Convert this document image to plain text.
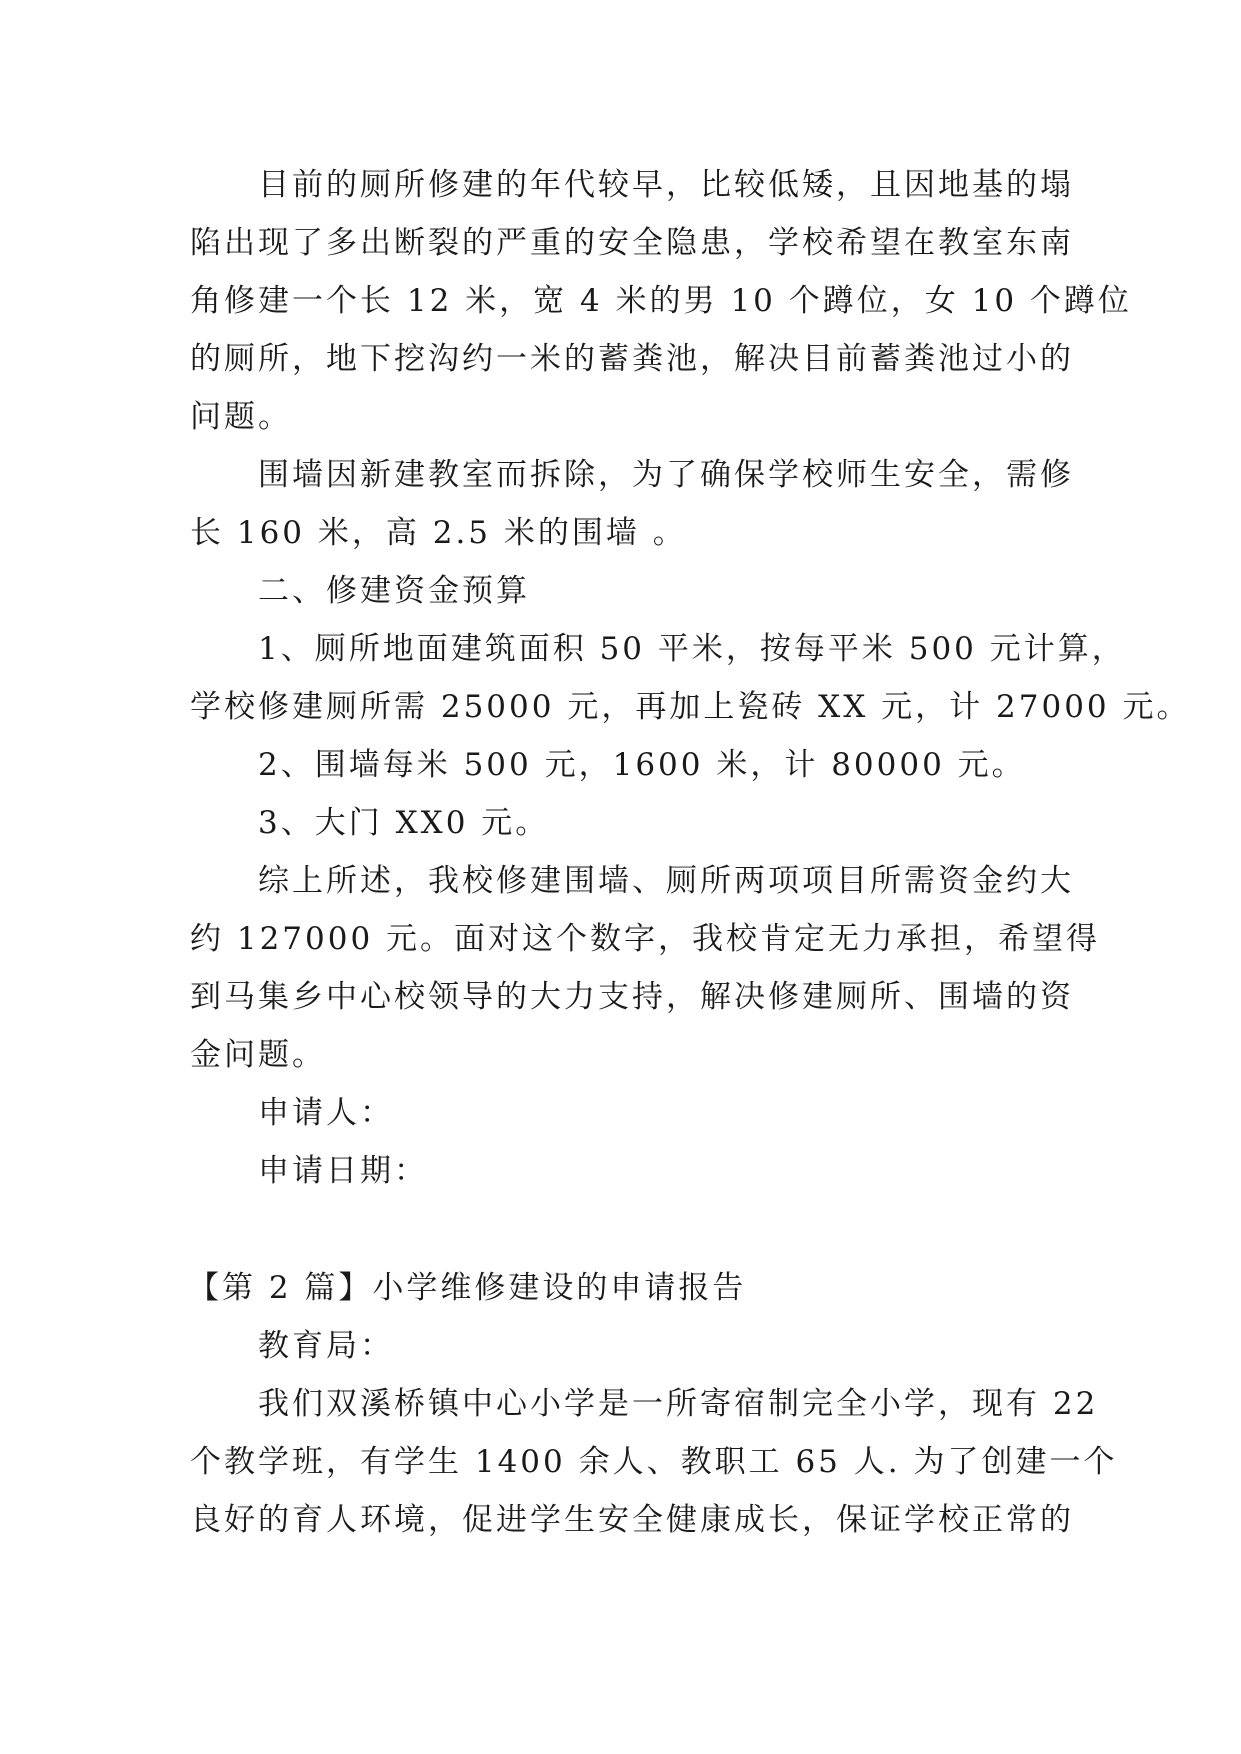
目前的厕所修建的年代较早，比较低矮，且因地基的塌
陷出现了多出断裂的严重的安全隐患，学校希望在教室东南
角修建一个长 12 米，宽 4 米的男 10 个蹲位，女 10 个蹲位
的厕所，地下挖沟约一米的蓄粪池，解决目前蓄粪池过小的
问题。
围墙因新建教室而拆除，为了确保学校师生安全，需修
长 160 米，高 2.5 米的围墙 。
二、修建资金预算
1、厕所地面建筑面积 50 平米，按每平米 500 元计算，
学校修建厕所需 25000 元，再加上瓷砖 XX 元，计 27000 元。
2、围墙每米 500 元，1600 米，计 80000 元。
3、大门 XX0 元。
综上所述，我校修建围墙、厕所两项项目所需资金约大
约 127000 元。面对这个数字，我校肯定无力承担，希望得
到马集乡中心校领导的大力支持，解决修建厕所、围墙的资
金问题。
申请人：
申请日期：
【第 2 篇】小学维修建设的申请报告
教育局：
我们双溪桥镇中心小学是一所寄宿制完全小学，现有 22
个教学班，有学生 1400 余人、教职工 65 人. 为了创建一个
良好的育人环境，促进学生安全健康成长，保证学校正常的
